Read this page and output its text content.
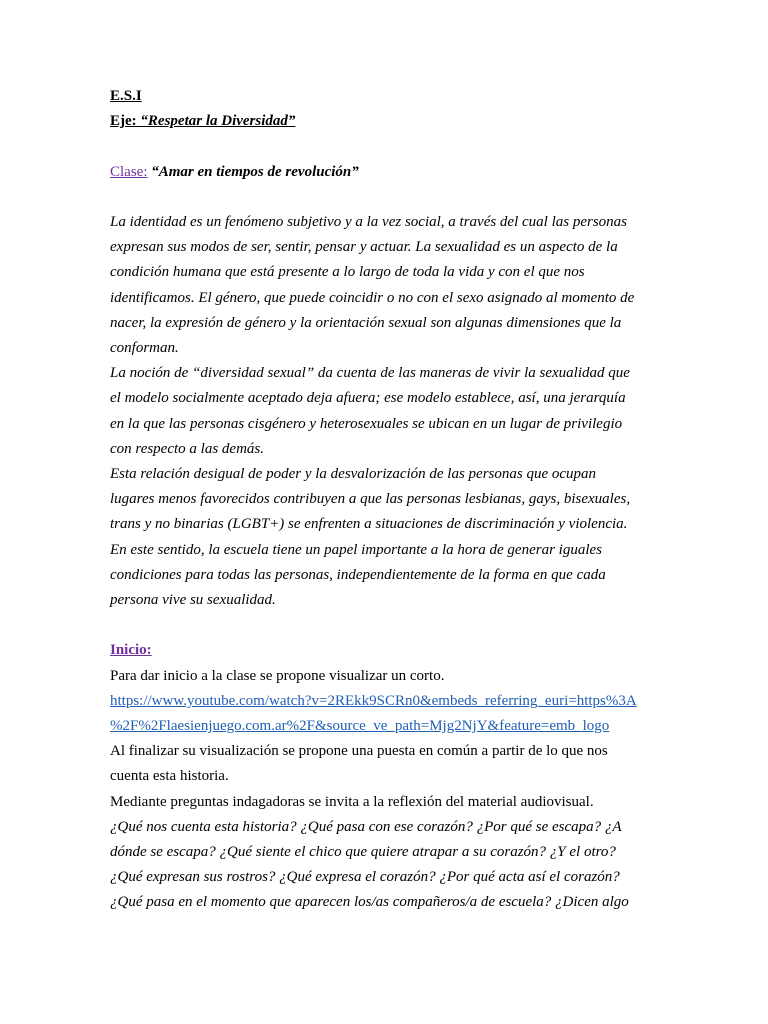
E.S.I
Eje: “Respetar la Diversidad”
Clase: “Amar en tiempos de revolución”
La identidad es un fenómeno subjetivo y a la vez social, a través del cual las personas
expresan sus modos de ser, sentir, pensar y actuar. La sexualidad es un aspecto de la
condición humana que está presente a lo largo de toda la vida y con el que nos
identificamos. El género, que puede coincidir o no con el sexo asignado al momento de
nacer, la expresión de género y la orientación sexual son algunas dimensiones que la
conforman.
La noción de “diversidad sexual” da cuenta de las maneras de vivir la sexualidad que
el modelo socialmente aceptado deja afuera; ese modelo establece, así, una jerarquía
en la que las personas cisgénero y heterosexuales se ubican en un lugar de privilegio
con respecto a las demás.
Esta relación desigual de poder y la desvalorización de las personas que ocupan
lugares menos favorecidos contribuyen a que las personas lesbianas, gays, bisexuales,
trans y no binarias (LGBT+) se enfrenten a situaciones de discriminación y violencia.
En este sentido, la escuela tiene un papel importante a la hora de generar iguales
condiciones para todas las personas, independientemente de la forma en que cada
persona vive su sexualidad.
Inicio:
Para dar inicio a la clase se propone visualizar un corto.
https://www.youtube.com/watch?v=2REkk9SCRn0&embeds_referring_euri=https%3A
%2F%2Flaesienjuego.com.ar%2F&source_ve_path=Mjg2NjY&feature=emb_logo
Al finalizar su visualización se propone una puesta en común a partir de lo que nos
cuenta esta historia.
Mediante preguntas indagadoras se invita a la reflexión del material audiovisual.
¿Qué nos cuenta esta historia? ¿Qué pasa con ese corazón? ¿Por qué se escapa? ¿A
dónde se escapa? ¿Qué siente el chico que quiere atrapar a su corazón? ¿Y el otro?
¿Qué expresan sus rostros? ¿Qué expresa el corazón? ¿Por qué acta así el corazón?
¿Qué pasa en el momento que aparecen los/as compañeros/a de escuela? ¿Dicen algo
